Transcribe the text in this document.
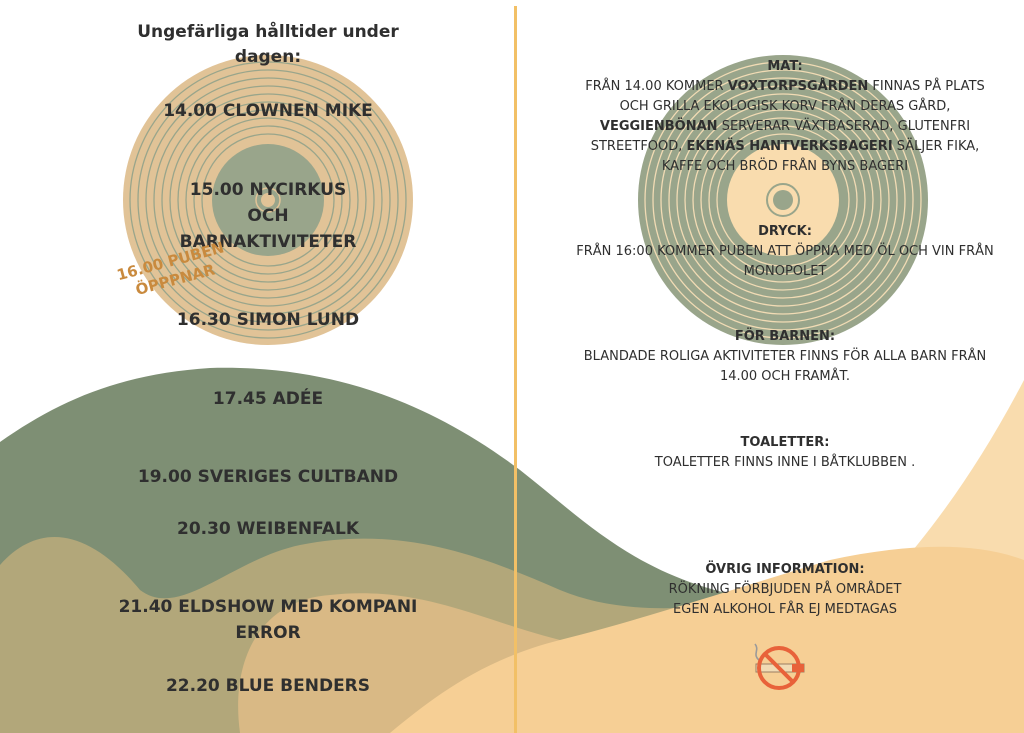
Ungefärliga hålltider under dagen:
14.00 CLOWNEN MIKE
15.00 NYCIRKUS OCH BARNAKTIVITETER
16.00 PUBEN ÖPPPNAR
16.30 SIMON LUND
17.45 ADÉE
19.00 SVERIGES CULTBAND
20.30 WEIBENFALK
21.40 ELDSHOW MED KOMPANI ERROR
22.20 BLUE BENDERS
MAT:
FRÅN 14.00 KOMMER VOXTORPSGÅRDEN FINNAS PÅ PLATS OCH GRILLA EKOLOGISK KORV FRÅN DERAS GÅRD, VEGGIENBÖNAN SERVERAR VÄXTBASERAD, GLUTENFRI STREETFOOD, EKENÄS HANTVERKSBAGERI SÄLJER FIKA, KAFFE OCH BRÖD FRÅN BYNS BAGERI
DRYCK:
FRÅN 16:00 KOMMER PUBEN ATT ÖPPNA MED ÖL OCH VIN FRÅN MONOPOLET
FÖR BARNEN:
BLANDADE ROLIGA AKTIVITETER FINNS FÖR ALLA BARN FRÅN 14.00 OCH FRAMÅT.
TOALETTER:
TOALETTER FINNS INNE I BÅTKLUBBEN .
ÖVRIG INFORMATION:
RÖKNING FÖRBJUDEN PÅ OMRÅDET
EGEN ALKOHOL FÅR EJ MEDTAGAS
